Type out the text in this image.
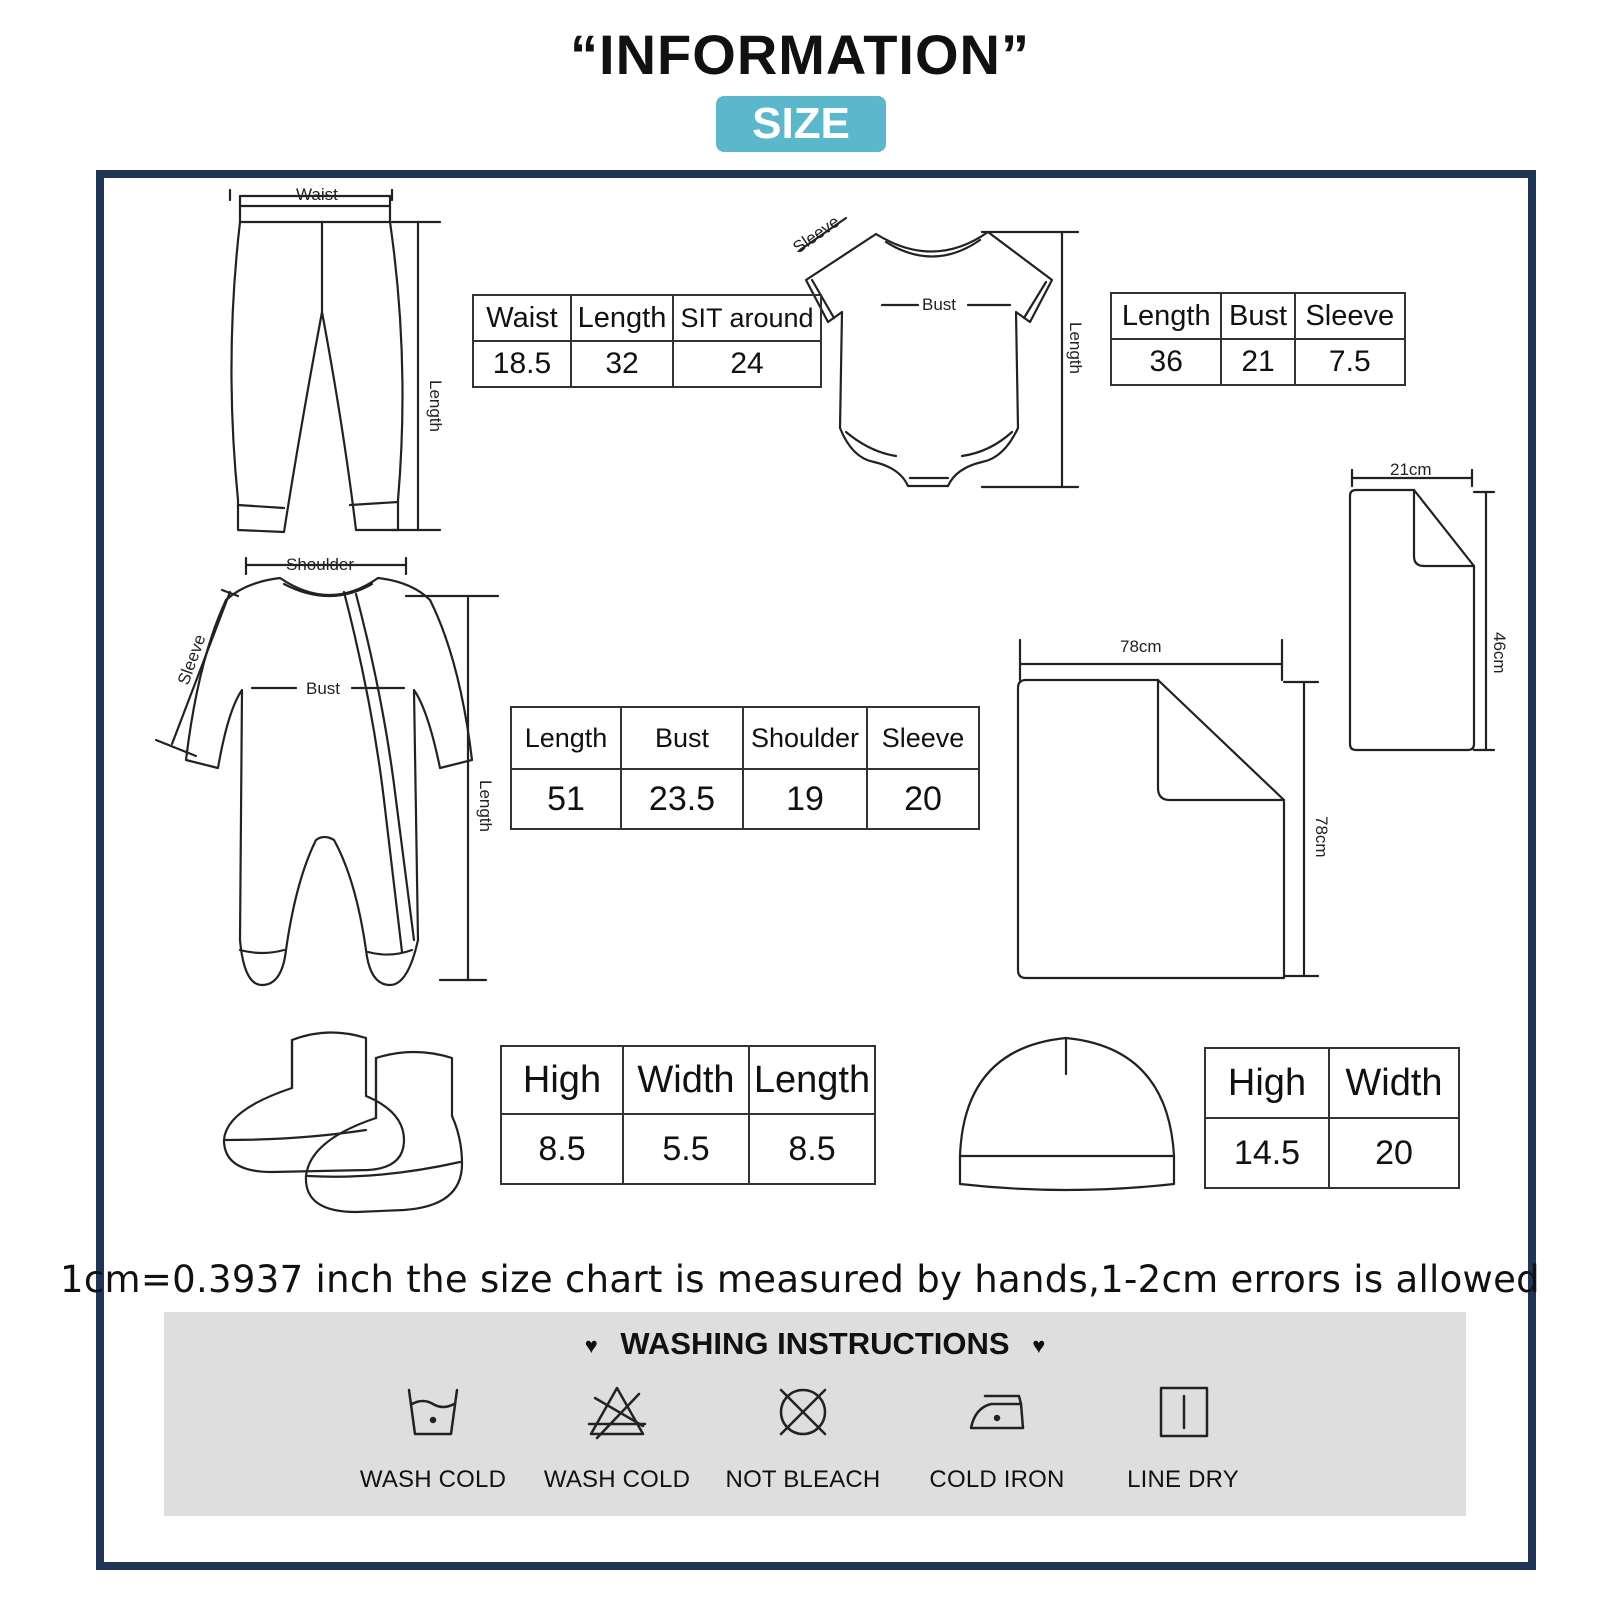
“INFORMATION”
SIZE
Waist
Length
Bust
Sleeve
Length
Shoulder
Bust
Sleeve
Length
78cm
78cm
21cm
46cm
Waist	Length	SIT around
18.5	32	24
Length	Bust	Sleeve
36	21	7.5
Length	Bust	Shoulder	Sleeve
51	23.5	19	20
High	Width	Length
8.5	5.5	8.5
High	Width
14.5	20
1cm=0.3937 inch the size chart is measured by hands,1-2cm errors is allowed
♥ WASHING INSTRUCTIONS ♥
WASH COLD	WASH COLD	NOT BLEACH	COLD IRON	LINE DRY
